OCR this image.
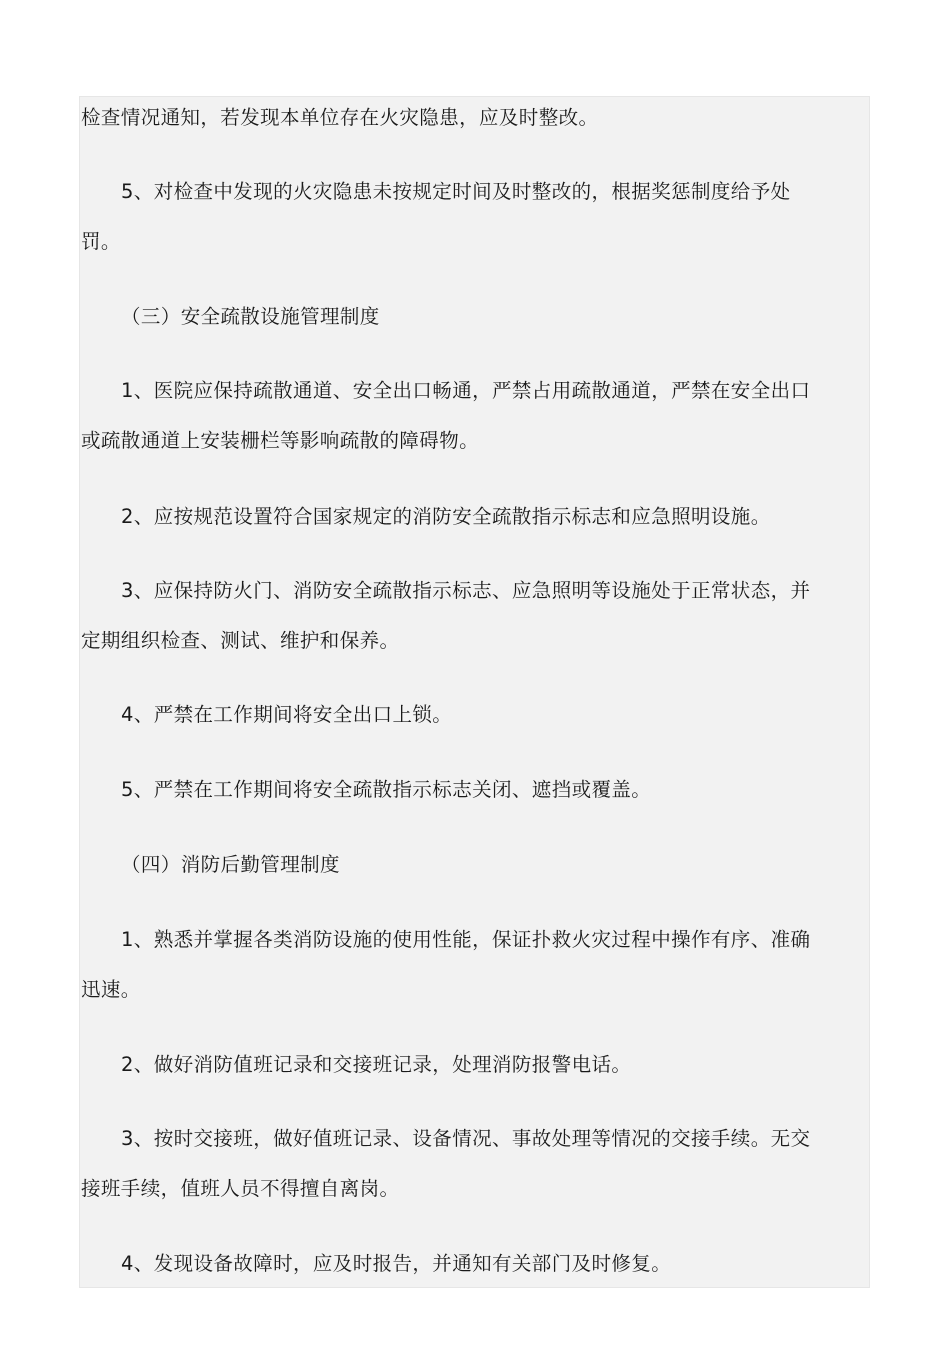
检查情况通知，若发现本单位存在火灾隐患，应及时整改。

5、对检查中发现的火灾隐患未按规定时间及时整改的，根据奖惩制度给予处罚。

（三）安全疏散设施管理制度

1、医院应保持疏散通道、安全出口畅通，严禁占用疏散通道，严禁在安全出口或疏散通道上安装栅栏等影响疏散的障碍物。

2、应按规范设置符合国家规定的消防安全疏散指示标志和应急照明设施。

3、应保持防火门、消防安全疏散指示标志、应急照明等设施处于正常状态，并定期组织检查、测试、维护和保养。

4、严禁在工作期间将安全出口上锁。

5、严禁在工作期间将安全疏散指示标志关闭、遮挡或覆盖。

（四）消防后勤管理制度

1、熟悉并掌握各类消防设施的使用性能，保证扑救火灾过程中操作有序、准确迅速。

2、做好消防值班记录和交接班记录，处理消防报警电话。

3、按时交接班，做好值班记录、设备情况、事故处理等情况的交接手续。无交接班手续，值班人员不得擅自离岗。

4、发现设备故障时，应及时报告，并通知有关部门及时修复。
